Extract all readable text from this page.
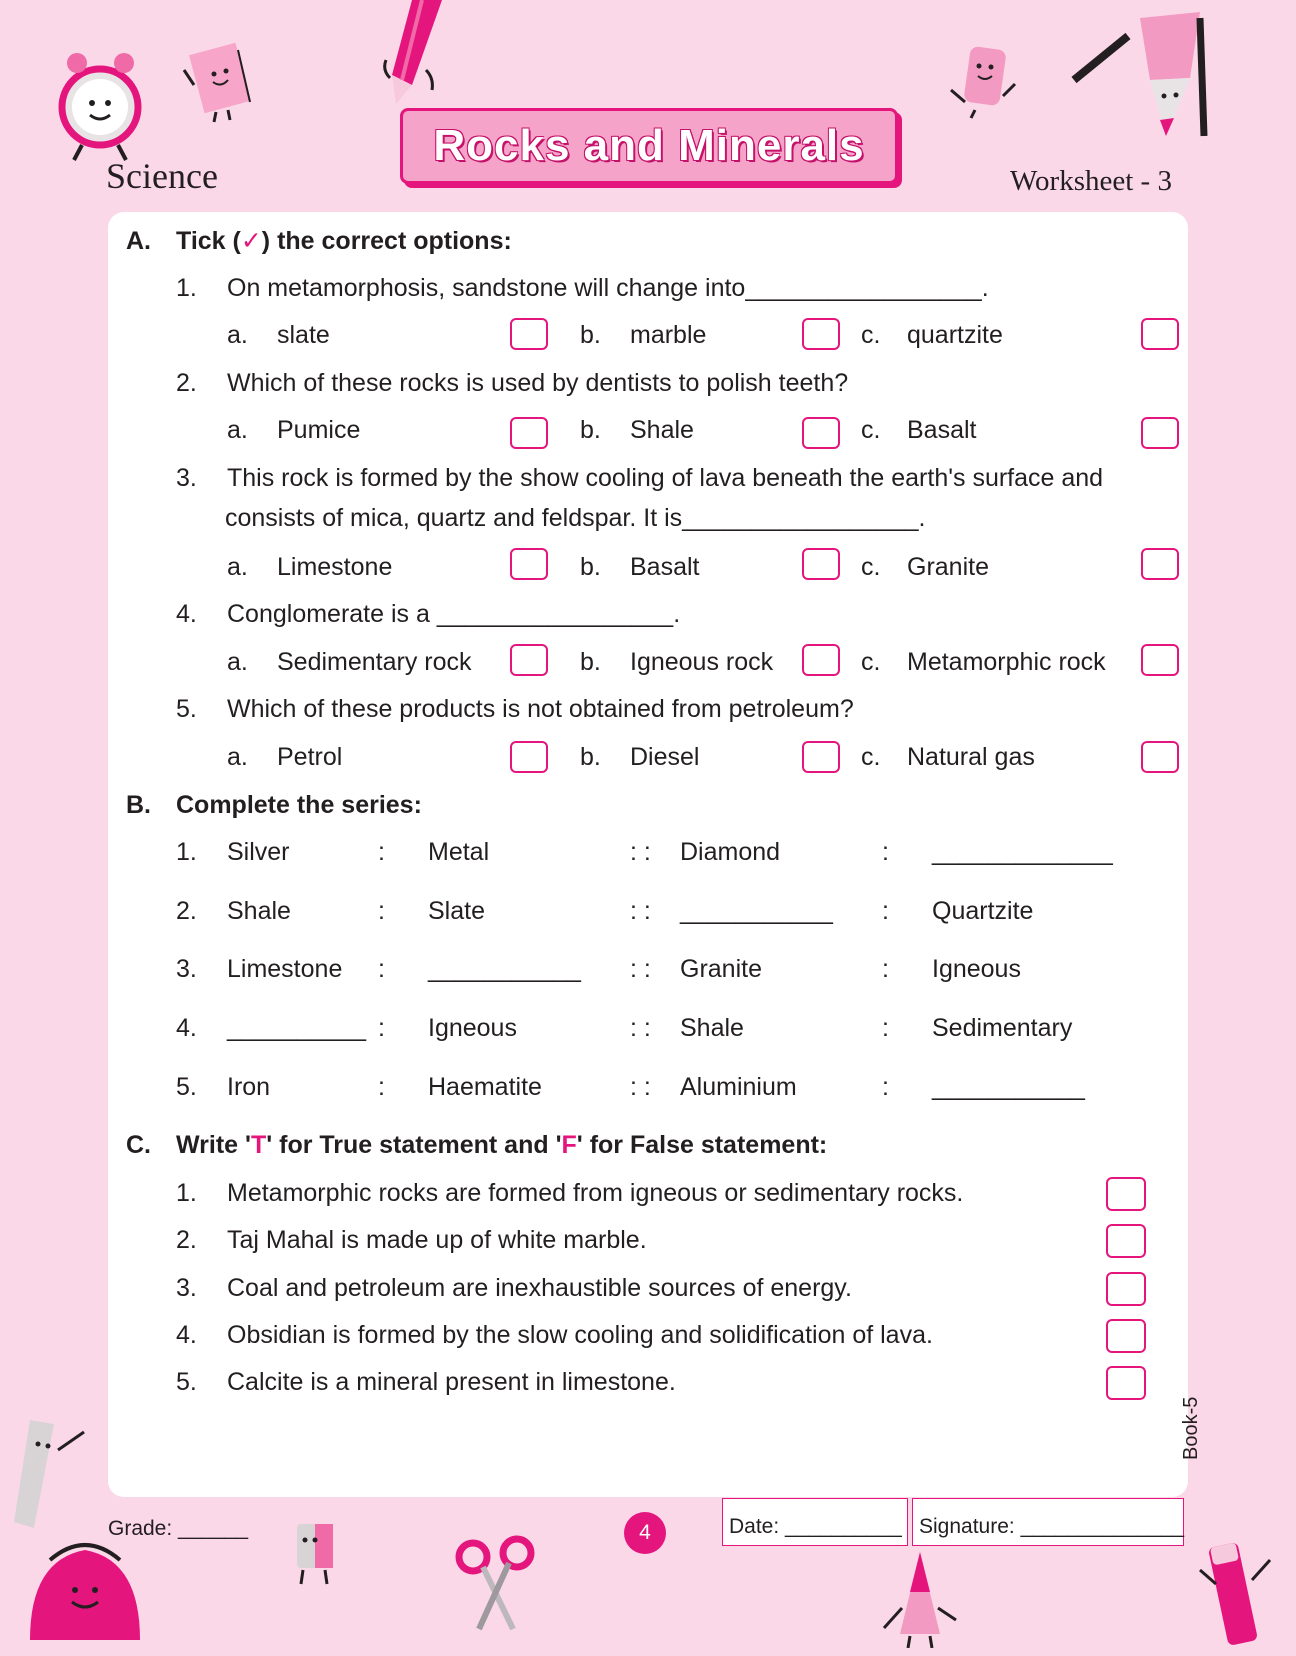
Science
Rocks and Minerals
Worksheet - 3
A. Tick (✓) the correct options:
1. On metamorphosis, sandstone will change into_________________.
a. slate	b. marble	c. quartzite
2. Which of these rocks is used by dentists to polish teeth?
a. Pumice	b. Shale	c. Basalt
3. This rock is formed by the show cooling of lava beneath the earth's surface and
consists of mica, quartz and feldspar. It is_________________.
a. Limestone	b. Basalt	c. Granite
4. Conglomerate is a _________________.
a. Sedimentary rock	b. Igneous rock	c. Metamorphic rock
5. Which of these products is not obtained from petroleum?
a. Petrol	b. Diesel	c. Natural gas
B. Complete the series:
1. Silver	: Metal	: : Diamond	: _____________
2. Shale	: Slate	: : ___________ : Quartzite
3. Limestone : ___________ : : Granite	: Igneous
4. __________ : Igneous	: : Shale	: Sedimentary
5. Iron	: Haematite	: : Aluminium	: ___________
C. Write 'T' for True statement and 'F' for False statement:
1. Metamorphic rocks are formed from igneous or sedimentary rocks.
2. Taj Mahal is made up of white marble.
3. Coal and petroleum are inexhaustible sources of energy.
4. Obsidian is formed by the slow cooling and solidification of lava.
5. Calcite is a mineral present in limestone.
Book-5
Grade: ______	4	Date: __________ Signature: ______________
